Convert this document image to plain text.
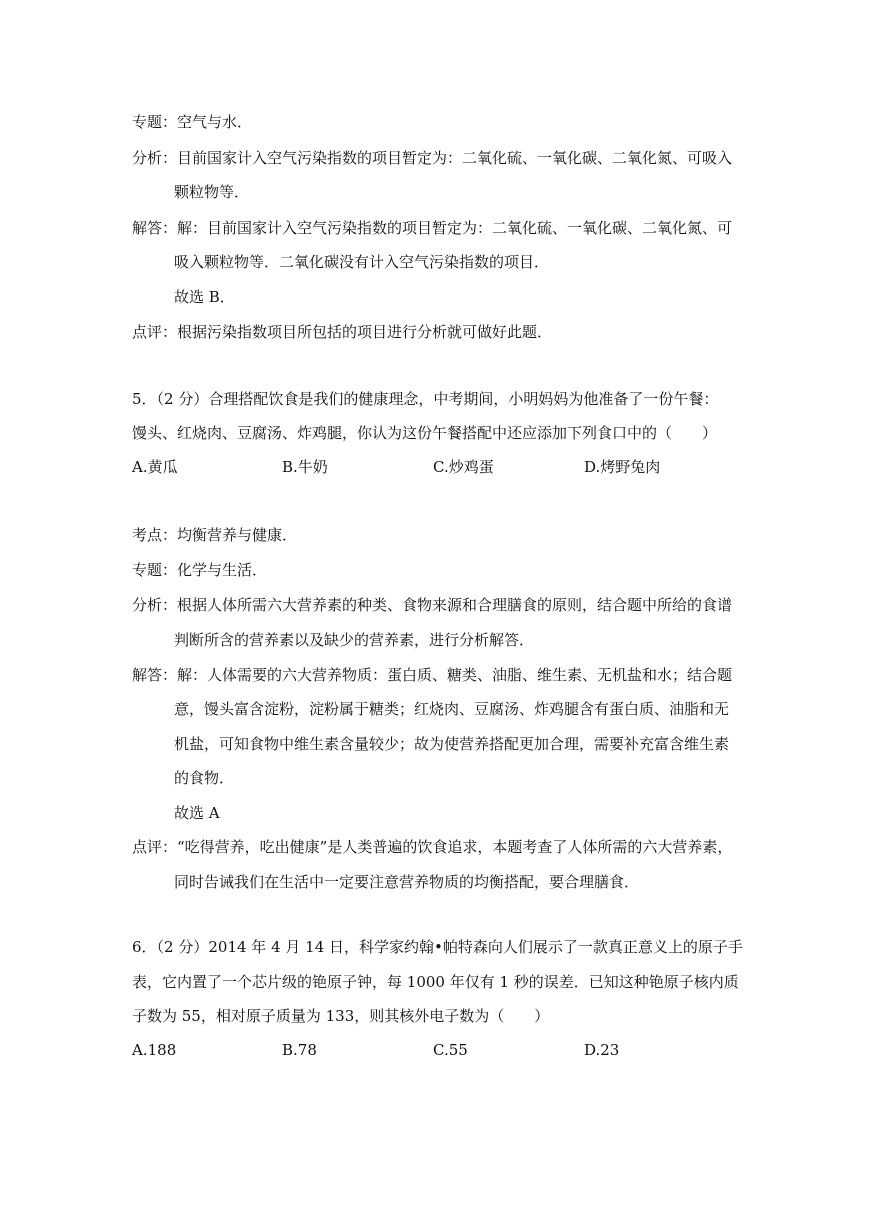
专题：空气与水．
分析：目前国家计入空气污染指数的项目暂定为：二氧化硫、一氧化碳、二氧化氮、可吸入
颗粒物等．
解答：解：目前国家计入空气污染指数的项目暂定为：二氧化硫、一氧化碳、二氧化氮、可
吸入颗粒物等．二氧化碳没有计入空气污染指数的项目．
故选 B．
点评：根据污染指数项目所包括的项目进行分析就可做好此题．
5．（2 分）合理搭配饮食是我们的健康理念，中考期间，小明妈妈为他准备了一份午餐：
馒头、红烧肉、豆腐汤、炸鸡腿，你认为这份午餐搭配中还应添加下列食口中的（　　）
A.黄瓜	B.牛奶	C.炒鸡蛋	D.烤野兔肉
考点：均衡营养与健康．
专题：化学与生活．
分析：根据人体所需六大营养素的种类、食物来源和合理膳食的原则，结合题中所给的食谱
判断所含的营养素以及缺少的营养素，进行分析解答．
解答：解：人体需要的六大营养物质：蛋白质、糖类、油脂、维生素、无机盐和水；结合题
意，馒头富含淀粉，淀粉属于糖类；红烧肉、豆腐汤、炸鸡腿含有蛋白质、油脂和无
机盐，可知食物中维生素含量较少；故为使营养搭配更加合理，需要补充富含维生素
的食物．
故选 A
点评：“吃得营养，吃出健康”是人类普遍的饮食追求，本题考查了人体所需的六大营养素，
同时告诫我们在生活中一定要注意营养物质的均衡搭配，要合理膳食．
6．（2 分）2014 年 4 月 14 日，科学家约翰•帕特森向人们展示了一款真正意义上的原子手
表，它内置了一个芯片级的铯原子钟，每 1000 年仅有 1 秒的误差．已知这种铯原子核内质
子数为 55，相对原子质量为 133，则其核外电子数为（　　）
A.188	B.78	C.55	D.23
